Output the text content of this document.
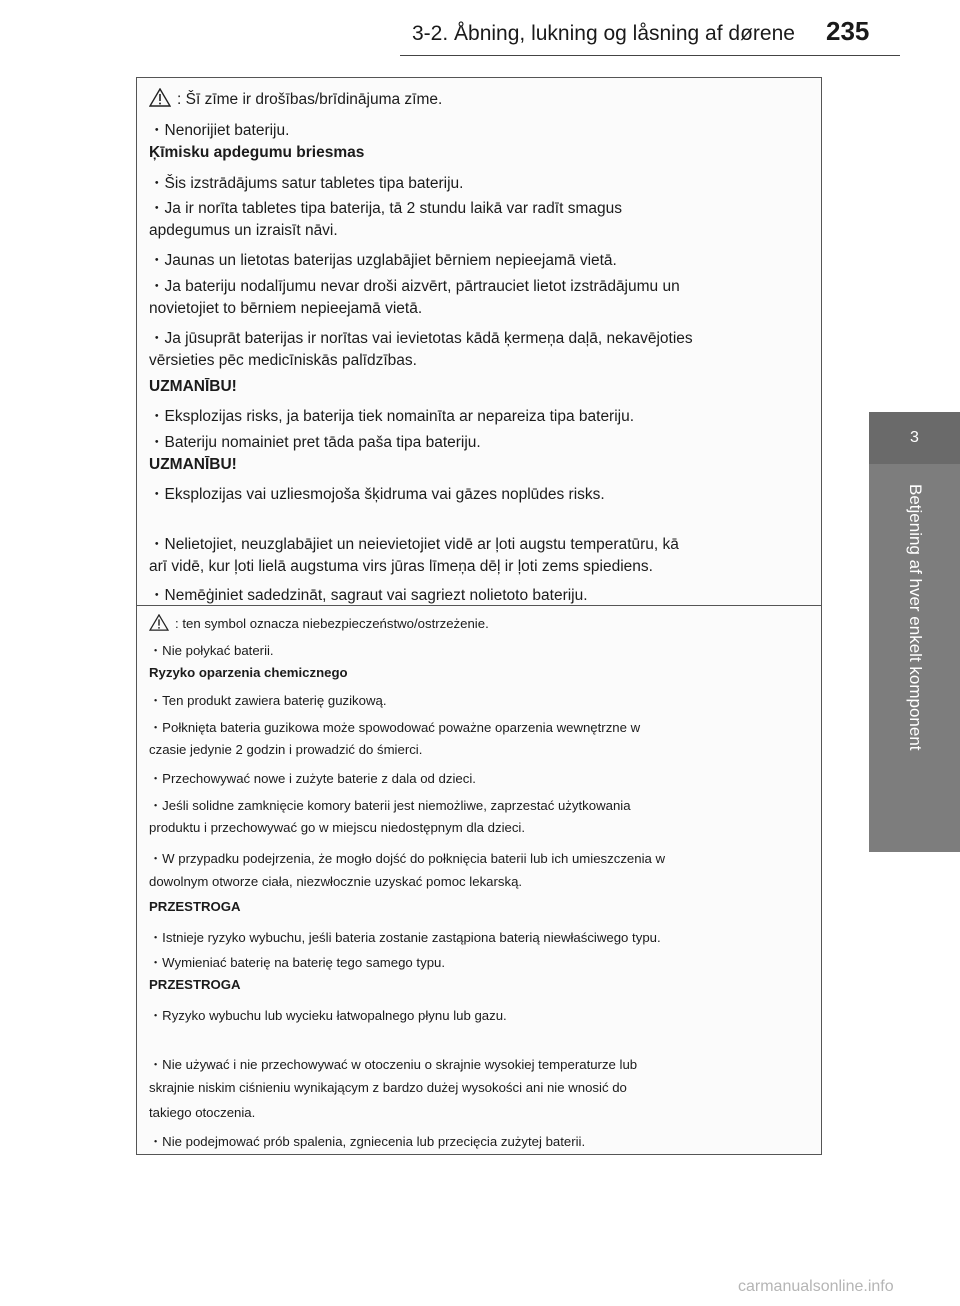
3-2. Åbning, lukning og låsning af dørene 235
3
Betjening af hver enkelt komponent
: Šī zīme ir drošības/brīdinājuma zīme.
・Nenorijiet bateriju.
Ķīmisku apdegumu briesmas
・Šis izstrādājums satur tabletes tipa bateriju.
・Ja ir norīta tabletes tipa baterija, tā 2 stundu laikā var radīt smagus
apdegumus un izraisīt nāvi.
・Jaunas un lietotas baterijas uzglabājiet bērniem nepieejamā vietā.
・Ja bateriju nodalījumu nevar droši aizvērt, pārtrauciet lietot izstrādājumu un
novietojiet to bērniem nepieejamā vietā.
・Ja jūsuprāt baterijas ir norītas vai ievietotas kādā ķermeņa daļā, nekavējoties
vērsieties pēc medicīniskās palīdzības.
UZMANĪBU!
・Eksplozijas risks, ja baterija tiek nomainīta ar nepareiza tipa bateriju.
・Bateriju nomainiet pret tāda paša tipa bateriju.
UZMANĪBU!
・Eksplozijas vai uzliesmojoša šķidruma vai gāzes noplūdes risks.
・Nelietojiet, neuzglabājiet un neievietojiet vidē ar ļoti augstu temperatūru, kā
arī vidē, kur ļoti lielā augstuma virs jūras līmeņa dēļ ir ļoti zems spiediens.
・Nemēģiniet sadedzināt, sagraut vai sagriezt nolietoto bateriju.
: ten symbol oznacza niebezpieczeństwo/ostrzeżenie.
・Nie połykać baterii.
Ryzyko oparzenia chemicznego
・Ten produkt zawiera baterię guzikową.
・Połknięta bateria guzikowa może spowodować poważne oparzenia wewnętrzne w
czasie jedynie 2 godzin i prowadzić do śmierci.
・Przechowywać nowe i zużyte baterie z dala od dzieci.
・Jeśli solidne zamknięcie komory baterii jest niemożliwe, zaprzestać użytkowania
produktu i przechowywać go w miejscu niedostępnym dla dzieci.
・W przypadku podejrzenia, że mogło dojść do połknięcia baterii lub ich umieszczenia w
dowolnym otworze ciała, niezwłocznie uzyskać pomoc lekarską.
PRZESTROGA
・Istnieje ryzyko wybuchu, jeśli bateria zostanie zastąpiona baterią niewłaściwego typu.
・Wymieniać baterię na baterię tego samego typu.
PRZESTROGA
・Ryzyko wybuchu lub wycieku łatwopalnego płynu lub gazu.
・Nie używać i nie przechowywać w otoczeniu o skrajnie wysokiej temperaturze lub
skrajnie niskim ciśnieniu wynikającym z bardzo dużej wysokości ani nie wnosić do
takiego otoczenia.
・Nie podejmować prób spalenia, zgniecenia lub przecięcia zużytej baterii.
carmanualsonline.info
